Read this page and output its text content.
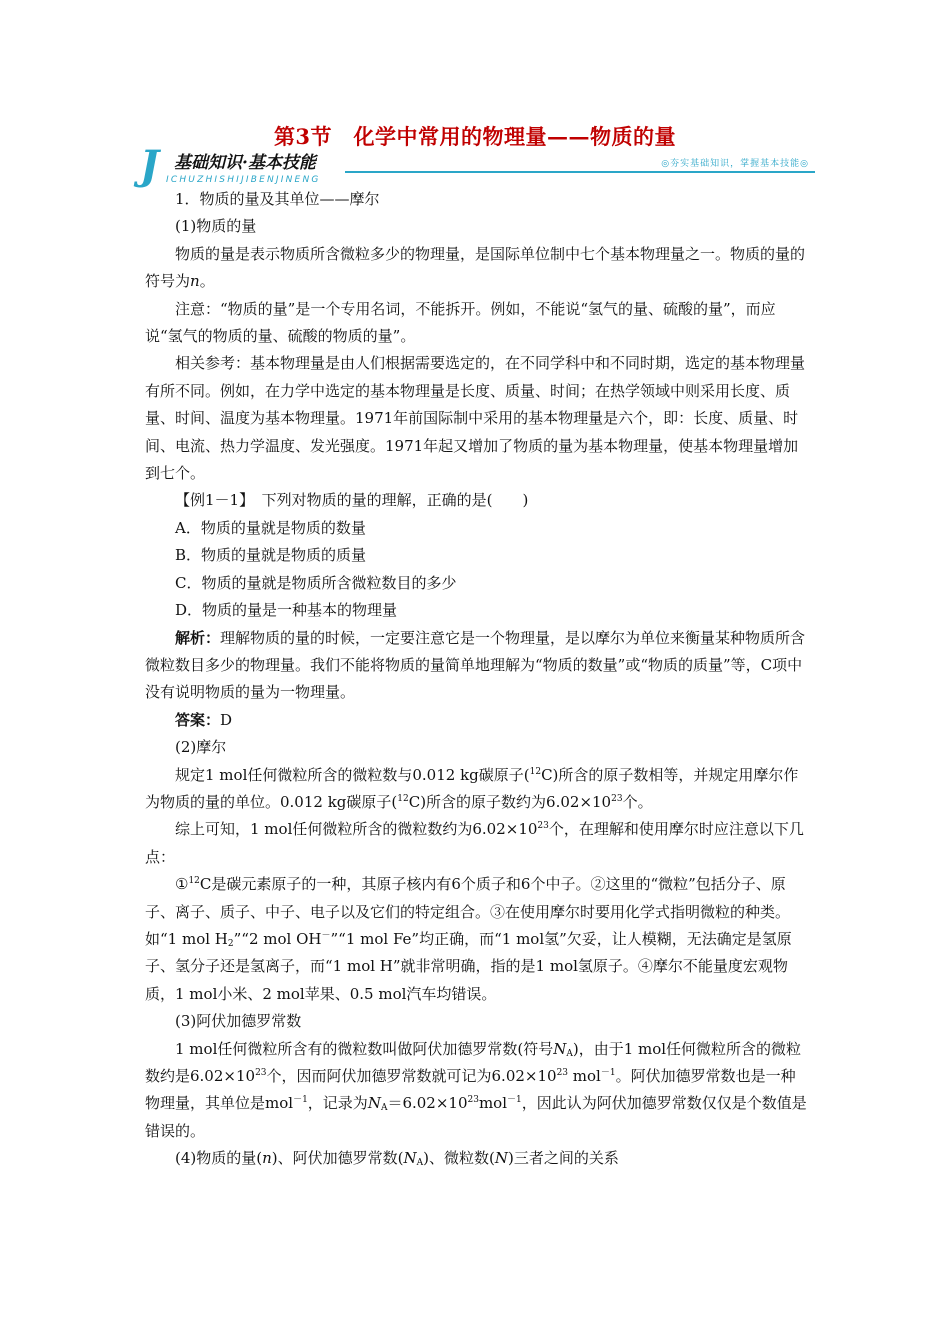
第3节　化学中常用的物理量——物质的量
J 基础知识·基本技能
ICHUZHISHIJIBENJINENG
◎夯实基础知识，掌握基本技能◎

1．物质的量及其单位——摩尔

(1)物质的量

物质的量是表示物质所含微粒多少的物理量，是国际单位制中七个基本物理量之一。物质的量的符号为n。

注意：“物质的量”是一个专用名词，不能拆开。例如，不能说“氢气的量、硫酸的量”，而应说“氢气的物质的量、硫酸的物质的量”。

相关参考：基本物理量是由人们根据需要选定的，在不同学科中和不同时期，选定的基本物理量有所不同。例如，在力学中选定的基本物理量是长度、质量、时间；在热学领域中则采用长度、质量、时间、温度为基本物理量。1971年前国际制中采用的基本物理量是六个，即：长度、质量、时间、电流、热力学温度、发光强度。1971年起又增加了物质的量为基本物理量，使基本物理量增加到七个。

【例1－1】　下列对物质的量的理解，正确的是(　　)

A．物质的量就是物质的数量

B．物质的量就是物质的质量

C．物质的量就是物质所含微粒数目的多少

D．物质的量是一种基本的物理量

解析：理解物质的量的时候，一定要注意它是一个物理量，是以摩尔为单位来衡量某种物质所含微粒数目多少的物理量。我们不能将物质的量简单地理解为“物质的数量”或“物质的质量”等，C项中没有说明物质的量为一物理量。

答案：D

(2)摩尔

规定1 mol任何微粒所含的微粒数与0.012 kg碳原子($^{12}$C)所含的原子数相等，并规定用摩尔作为物质的量的单位。0.012 kg碳原子($^{12}$C)所含的原子数约为$6.02\times 10^{23}$个。

综上可知，1 mol任何微粒所含的微粒数约为$6.02\times 10^{23}$个，在理解和使用摩尔时应注意以下几点：

①$^{12}$C是碳元素原子的一种，其原子核内有6个质子和6个中子。②这里的“微粒”包括分子、原子、离子、质子、中子、电子以及它们的特定组合。③在使用摩尔时要用化学式指明微粒的种类。如“1 mol $H_2”“2$ mol OH－”“1 mol Fe”均正确，而“1 mol氢”欠妥，让人模糊，无法确定是氢原子、氢分子还是氢离子，而“1 mol H”就非常明确，指的是1 mol氢原子。④摩尔不能量度宏观物质，1 mol小米、2 mol苹果、0.5 mol汽车均错误。

(3)阿伏加德罗常数

1 mol任何微粒所含有的微粒数叫做阿伏加德罗常数(符号$N_A$)，由于1 mol任何微粒所含的微粒数约是$6.02\times 10^{23}$个，因而阿伏加德罗常数就可记为$6.02\times 10^{23}$ mol$^{-1}$。阿伏加德罗常数也是一种物理量，其单位是mol$^{-1}$，记录为$N_A=6.02\times 10^{23}mol^{-1}$，因此认为阿伏加德罗常数仅仅是个数值是错误的。

(4)物质的量(n)、阿伏加德罗常数$(N_A)$、微粒数(N)三者之间的关系
